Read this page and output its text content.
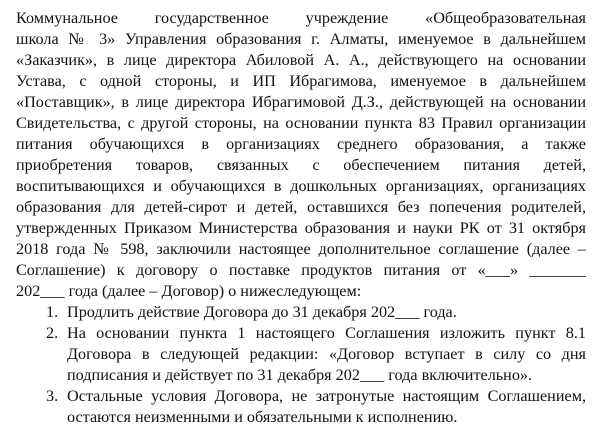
Коммунальное государственное учреждение «Общеобразовательная
школа № 3» Управления образования г. Алматы, именуемое в дальнейшем
«Заказчик», в лице директора Абиловой А. А., действующего на основании
Устава, с одной стороны, и ИП Ибрагимова, именуемое в дальнейшем
«Поставщик», в лице директора Ибрагимовой Д.З., действующей на основании
Свидетельства, с другой стороны, на основании пункта 83 Правил организации
питания обучающихся в организациях среднего образования, а также
приобретения товаров, связанных с обеспечением питания детей,
воспитывающихся и обучающихся в дошкольных организациях, организациях
образования для детей-сирот и детей, оставшихся без попечения родителей,
утвержденных Приказом Министерства образования и науки РК от 31 октября
2018 года № 598, заключили настоящее дополнительное соглашение (далее –
Соглашение) к договору о поставке продуктов питания от «___» _______
202___ года (далее – Договор) о нижеследующем:
1. Продлить действие Договора до 31 декабря 202___ года.
2. На основании пункта 1 настоящего Соглашения изложить пункт 8.1
Договора в следующей редакции: «Договор вступает в силу со дня
подписания и действует по 31 декабря 202___ года включительно».
3. Остальные условия Договора, не затронутые настоящим Соглашением,
остаются неизменными и обязательными к исполнению.
